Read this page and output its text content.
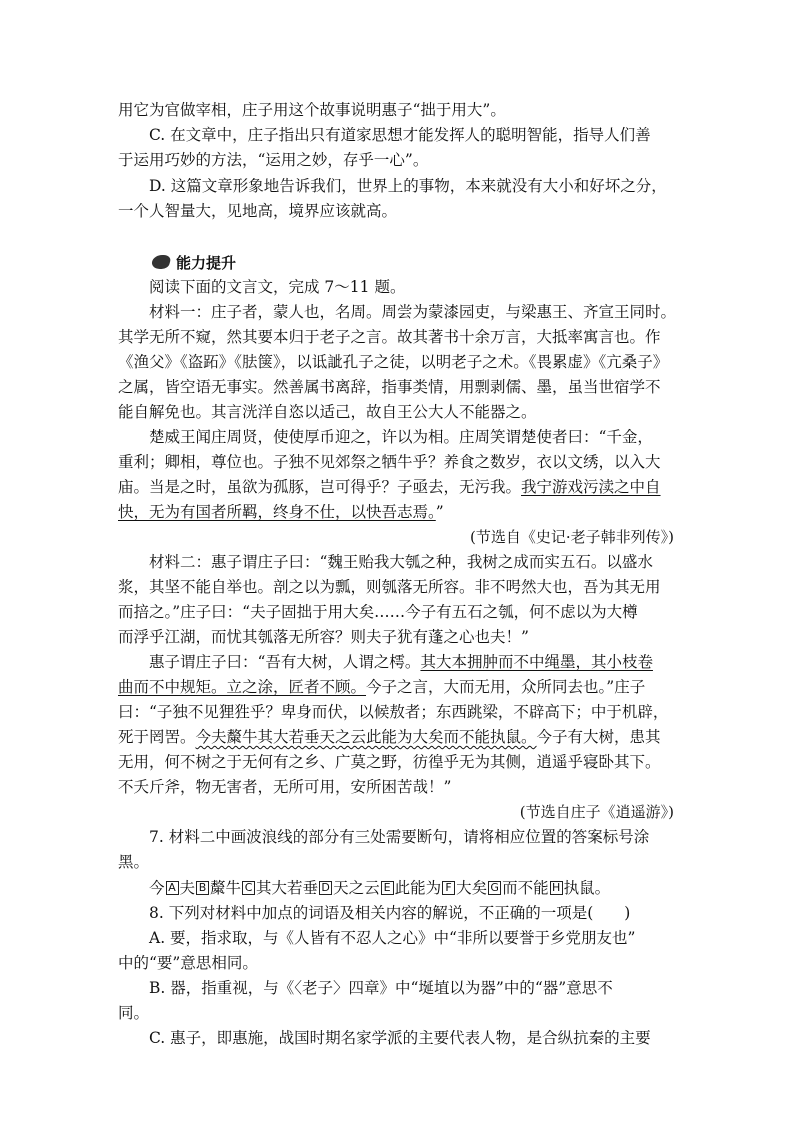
用它为官做宰相，庄子用这个故事说明惠子“拙于用大”。
C. 在文章中，庄子指出只有道家思想才能发挥人的聪明智能，指导人们善
于运用巧妙的方法，“运用之妙，存乎一心”。
D. 这篇文章形象地告诉我们，世界上的事物，本来就没有大小和好坏之分，
一个人智量大，见地高，境界应该就高。
能力提升
阅读下面的文言文，完成 7～11 题。
材料一：庄子者，蒙人也，名周。周尝为蒙漆园吏，与梁惠王、齐宣王同时。
其学无所不窥，然其要本归于老子之言。故其著书十余万言，大抵率寓言也。作
《渔父》《盗跖》《胠箧》，以诋訿孔子之徒，以明老子之术。《畏累虚》《亢桑子》
之属，皆空语无事实。然善属书离辞，指事类情，用剽剥儒、墨，虽当世宿学不
能自解免也。其言洸洋自恣以适己，故自王公大人不能器之。
楚威王闻庄周贤，使使厚币迎之，许以为相。庄周笑谓楚使者曰：“千金，
重利；卿相，尊位也。子独不见郊祭之牺牛乎？养食之数岁，衣以文绣，以入大
庙。当是之时，虽欲为孤豚，岂可得乎？子亟去，无污我。我宁游戏污渎之中自
快，无为有国者所羁，终身不仕，以快吾志焉。”
(节选自《史记·老子韩非列传》)
材料二：惠子谓庄子曰：“魏王贻我大瓠之种，我树之成而实五石。以盛水
浆，其坚不能自举也。剖之以为瓢，则瓠落无所容。非不呺然大也，吾为其无用
而掊之。”庄子曰：“夫子固拙于用大矣……今子有五石之瓠，何不虑以为大樽
而浮乎江湖，而忧其瓠落无所容？则夫子犹有蓬之心也夫！”
惠子谓庄子曰：“吾有大树，人谓之樗。其大本拥肿而不中绳墨，其小枝卷
曲而不中规矩。立之涂，匠者不顾。今子之言，大而无用，众所同去也。”庄子
曰：“子独不见狸狌乎？卑身而伏，以候敖者；东西跳梁，不辟高下；中于机辟，
死于罔罟。今夫斄牛其大若垂天之云此能为大矣而不能执鼠。今子有大树，患其
无用，何不树之于无何有之乡、广莫之野，彷徨乎无为其侧，逍遥乎寝卧其下。
不夭斤斧，物无害者，无所可用，安所困苦哉！”
(节选自庄子《逍遥游》)
7. 材料二中画波浪线的部分有三处需要断句，请将相应位置的答案标号涂
黑。
今 A 夫 B 斄牛 C 其大若垂 D 天之云 E 此能为 F 大矣 G 而不能 H 执鼠。
8. 下列对材料中加点的词语及相关内容的解说，不正确的一项是(　　)
A. 要，指求取，与《人皆有不忍人之心》中“非所以要誉于乡党朋友也”
中的“要”意思相同。
B. 器，指重视，与《〈老子〉四章》中“埏埴以为器”中的“器”意思不
同。
C. 惠子，即惠施，战国时期名家学派的主要代表人物，是合纵抗秦的主要
